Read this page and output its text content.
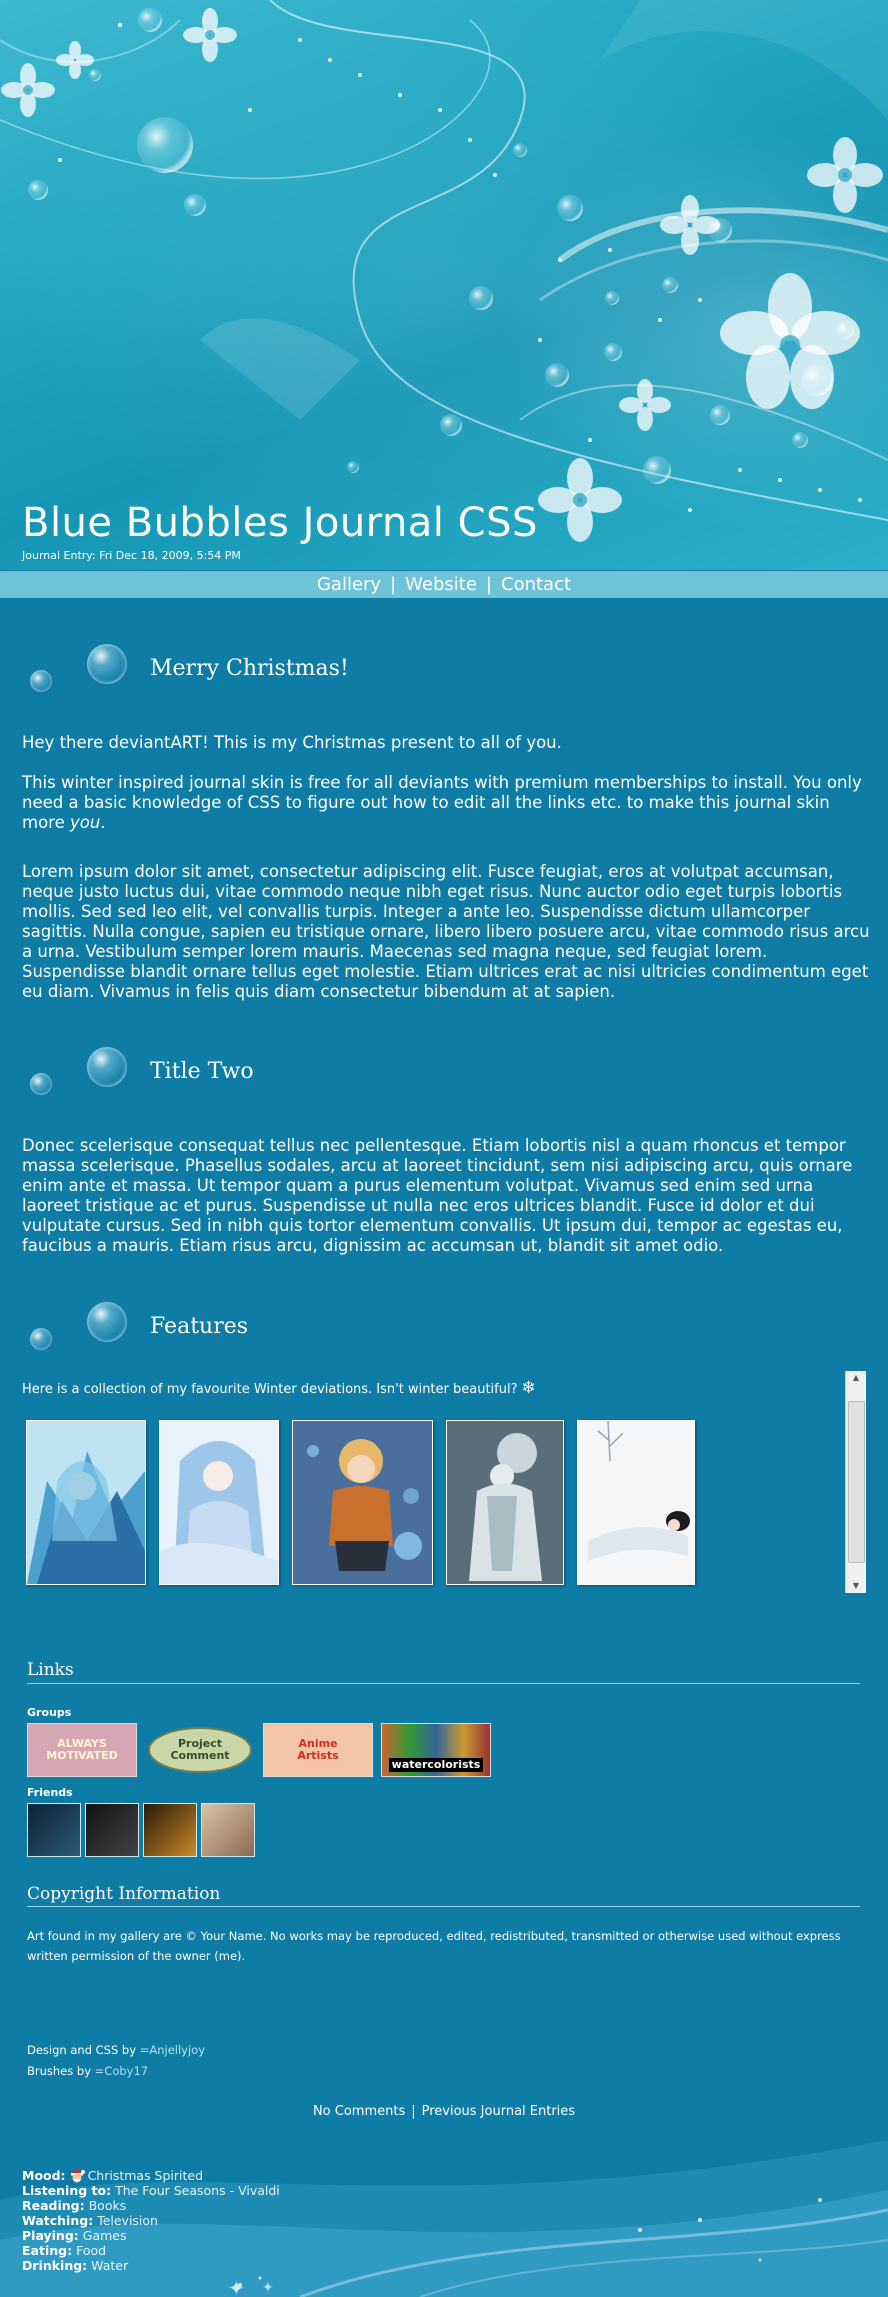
Blue Bubbles Journal CSS
Journal Entry: Fri Dec 18, 2009, 5:54 PM
Gallery | Website | Contact
Merry Christmas!
Hey there deviantART! This is my Christmas present to all of you.
This winter inspired journal skin is free for all deviants with premium memberships to install. You only need a basic knowledge of CSS to figure out how to edit all the links etc. to make this journal skin more you.
Lorem ipsum dolor sit amet, consectetur adipiscing elit. Fusce feugiat, eros at volutpat accumsan, neque justo luctus dui, vitae commodo neque nibh eget risus. Nunc auctor odio eget turpis lobortis mollis. Sed sed leo elit, vel convallis turpis. Integer a ante leo. Suspendisse dictum ullamcorper sagittis. Nulla congue, sapien eu tristique ornare, libero libero posuere arcu, vitae commodo risus arcu a urna. Vestibulum semper lorem mauris. Maecenas sed magna neque, sed feugiat lorem. Suspendisse blandit ornare tellus eget molestie. Etiam ultrices erat ac nisi ultricies condimentum eget eu diam. Vivamus in felis quis diam consectetur bibendum at at sapien.
Title Two
Donec scelerisque consequat tellus nec pellentesque. Etiam lobortis nisl a quam rhoncus et tempor massa scelerisque. Phasellus sodales, arcu at laoreet tincidunt, sem nisi adipiscing arcu, quis ornare enim ante et massa. Ut tempor quam a purus elementum volutpat. Vivamus sed enim sed urna laoreet tristique ac et purus. Suspendisse ut nulla nec eros ultrices blandit. Fusce id dolor et dui vulputate cursus. Sed in nibh quis tortor elementum convallis. Ut ipsum dui, tempor ac egestas eu, faucibus a mauris. Etiam risus arcu, dignissim ac accumsan ut, blandit sit amet odio.
Features
Here is a collection of my favourite Winter deviations. Isn't winter beautiful? ❄
▲
▼
Links
Groups
ALWAYS
MOTIVATED
Project
Comment
Anime
Artists
watercolorists
Friends
Copyright Information
Art found in my gallery are © Your Name. No works may be reproduced, edited, redistributed, transmitted or otherwise used without express written permission of the owner (me).
Design and CSS by =Anjellyjoy
Brushes by =Coby17
✦ ✦
No Comments | Previous Journal Entries
Mood: Christmas Spirited
Listening to: The Four Seasons - Vivaldi
Reading: Books
Watching: Television
Playing: Games
Eating: Food
Drinking: Water
